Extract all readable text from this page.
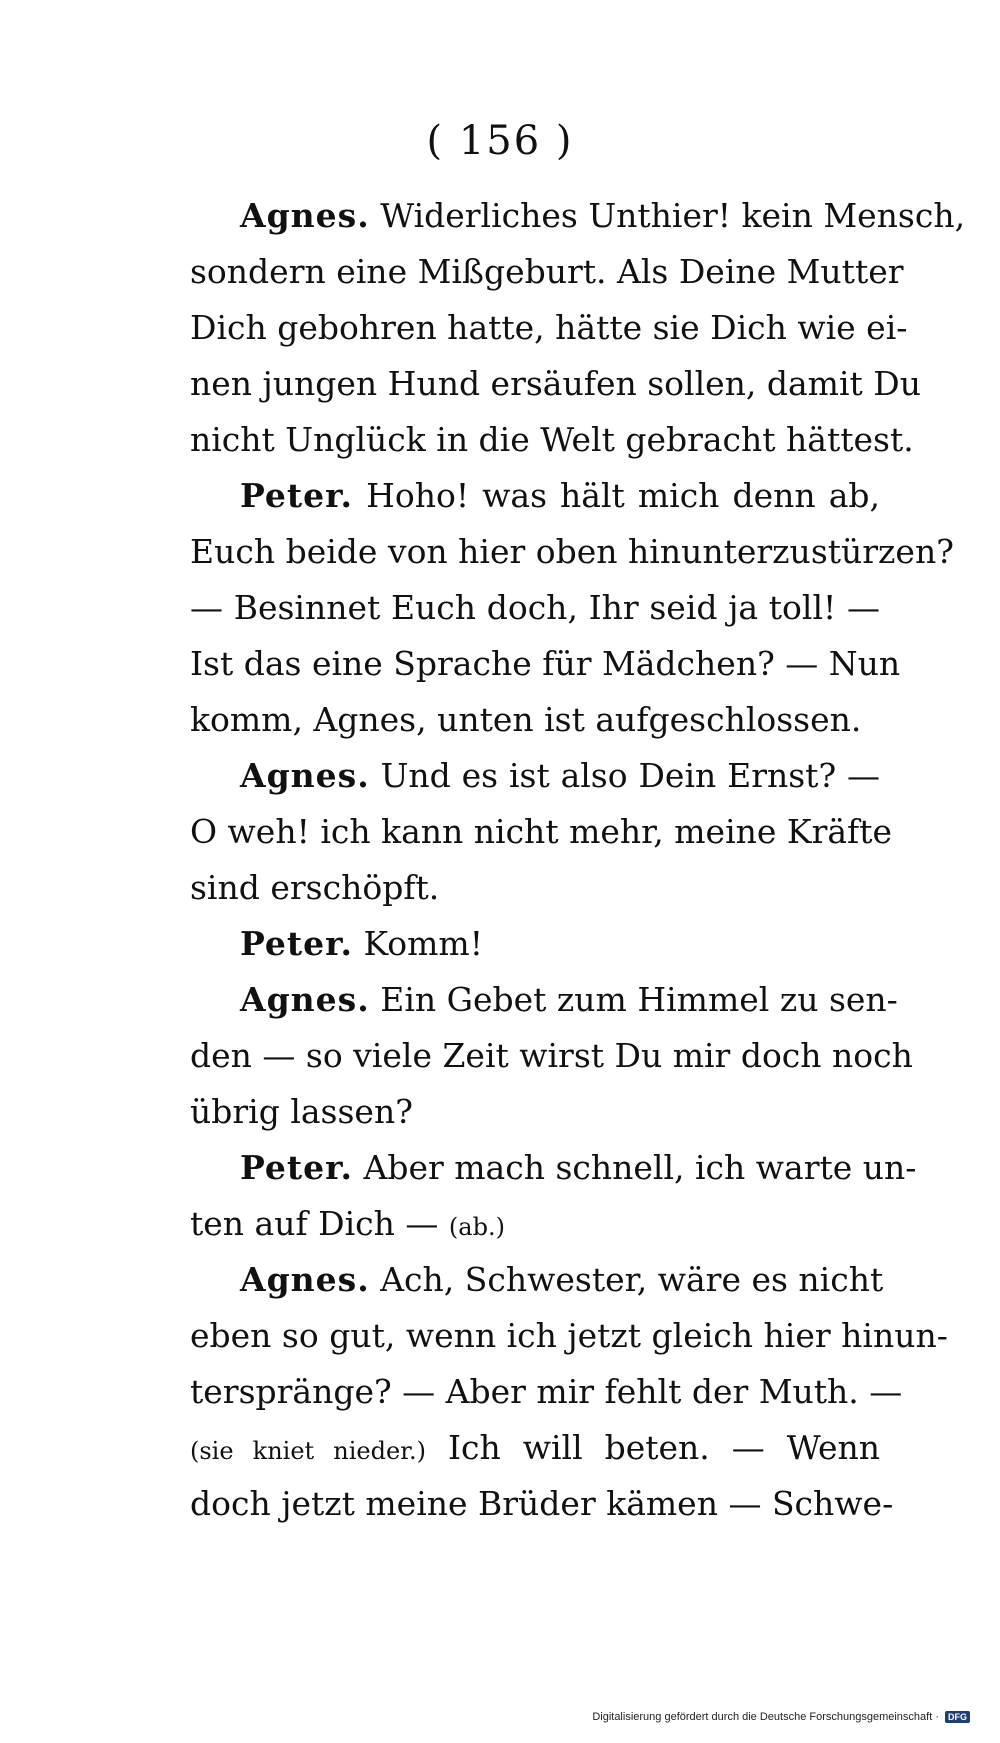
( 156 )
Agnes. Widerliches Unthier! kein Mensch,
sondern eine Mißgeburt. Als Deine Mutter
Dich gebohren hatte, hätte sie Dich wie ei-
nen jungen Hund ersäufen sollen, damit Du
nicht Unglück in die Welt gebracht hättest.
Peter. Hoho! was hält mich denn ab,
Euch beide von hier oben hinunterzustürzen?
— Besinnet Euch doch, Ihr seid ja toll! —
Ist das eine Sprache für Mädchen? — Nun
komm, Agnes, unten ist aufgeschlossen.
Agnes. Und es ist also Dein Ernst? —
O weh! ich kann nicht mehr, meine Kräfte
sind erschöpft.
Peter. Komm!
Agnes. Ein Gebet zum Himmel zu sen-
den — so viele Zeit wirst Du mir doch noch
übrig lassen?
Peter. Aber mach schnell, ich warte un-
ten auf Dich — (ab.)
Agnes. Ach, Schwester, wäre es nicht
eben so gut, wenn ich jetzt gleich hier hinun-
terspränge? — Aber mir fehlt der Muth. —
(sie kniet nieder.) Ich will beten. — Wenn
doch jetzt meine Brüder kämen — Schwe-
Digitalisierung gefördert durch die Deutsche Forschungsgemeinschaft ·	DFG
